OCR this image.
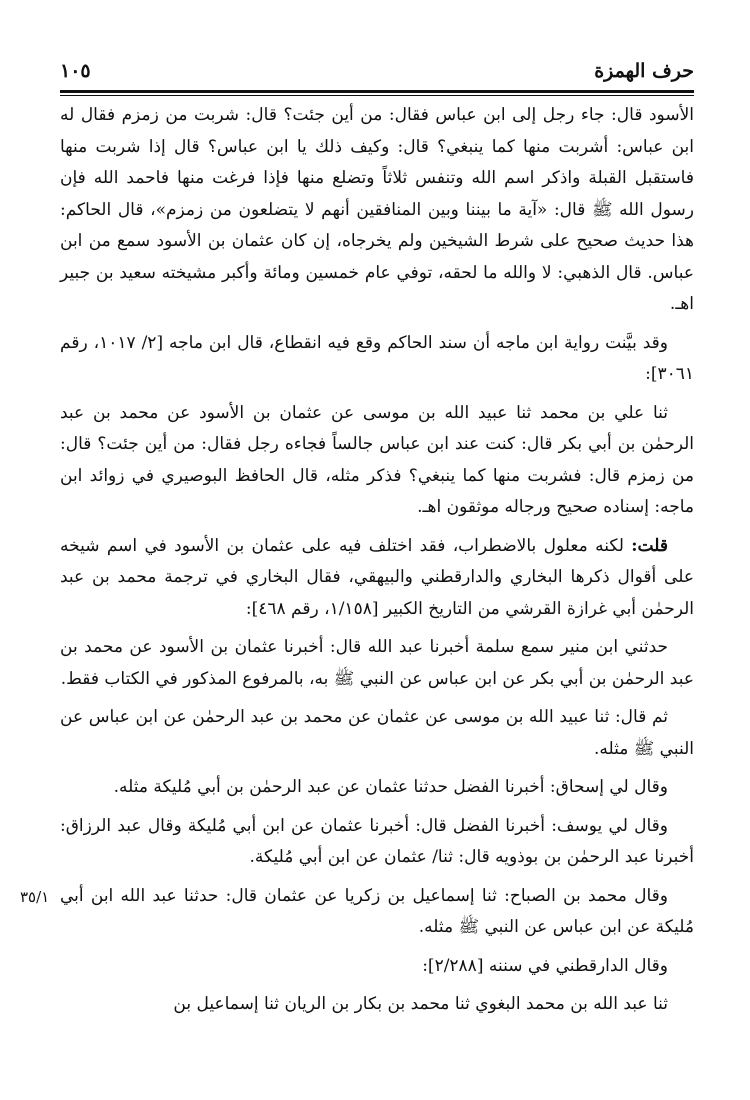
حرف الهمزة
١٠٥

الأسود قال: جاء رجل إلى ابن عباس فقال: من أين جئت؟ قال: شربت من زمزم فقال له ابن عباس: أشربت منها كما ينبغي؟ قال: وكيف ذلك يا ابن عباس؟ قال إذا شربت منها فاستقبل القبلة واذكر اسم الله وتنفس ثلاثاً وتضلع منها فإذا فرغت منها فاحمد الله فإن رسول الله ﷺ قال: «آية ما بيننا وبين المنافقين أنهم لا يتضلعون من زمزم»، قال الحاكم: هذا حديث صحيح على شرط الشيخين ولم يخرجاه، إن كان عثمان بن الأسود سمع من ابن عباس. قال الذهبي: لا والله ما لحقه، توفي عام خمسين ومائة وأكبر مشيخته سعيد بن جبير اهـ.

وقد بيَّنت رواية ابن ماجه أن سند الحاكم وقع فيه انقطاع، قال ابن ماجه [٢/ ١٠١٧، رقم ٣٠٦١]:

ثنا علي بن محمد ثنا عبيد الله بن موسى عن عثمان بن الأسود عن محمد بن عبد الرحمٰن بن أبي بكر قال: كنت عند ابن عباس جالساً فجاءه رجل فقال: من أين جئت؟ قال: من زمزم قال: فشربت منها كما ينبغي؟ فذكر مثله، قال الحافظ البوصيري في زوائد ابن ماجه: إسناده صحيح ورجاله موثقون اهـ.

قلت: لكنه معلول بالاضطراب، فقد اختلف فيه على عثمان بن الأسود في اسم شيخه على أقوال ذكرها البخاري والدارقطني والبيهقي، فقال البخاري في ترجمة محمد بن عبد الرحمٰن أبي غرازة القرشي من التاريخ الكبير [١/١٥٨، رقم ٤٦٨]:

حدثني ابن منير سمع سلمة أخبرنا عبد الله قال: أخبرنا عثمان بن الأسود عن محمد بن عبد الرحمٰن بن أبي بكر عن ابن عباس عن النبي ﷺ به، بالمرفوع المذكور في الكتاب فقط.

ثم قال: ثنا عبيد الله بن موسى عن عثمان عن محمد بن عبد الرحمٰن عن ابن عباس عن النبي ﷺ مثله.

وقال لي إسحاق: أخبرنا الفضل حدثنا عثمان عن عبد الرحمٰن بن أبي مُليكة مثله.

وقال لي يوسف: أخبرنا الفضل قال: أخبرنا عثمان عن ابن أبي مُليكة وقال عبد الرزاق: أخبرنا عبد الرحمٰن بن بوذويه قال: ثنا/ عثمان عن ابن أبي مُليكة.

وقال محمد بن الصباح: ثنا إسماعيل بن زكريا عن عثمان قال: حدثنا عبد الله ابن أبي مُليكة عن ابن عباس عن النبي ﷺ مثله.

وقال الدارقطني في سننه [٢/٢٨٨]:

ثنا عبد الله بن محمد البغوي ثنا محمد بن بكار بن الريان ثنا إسماعيل بن

٣٥/١
